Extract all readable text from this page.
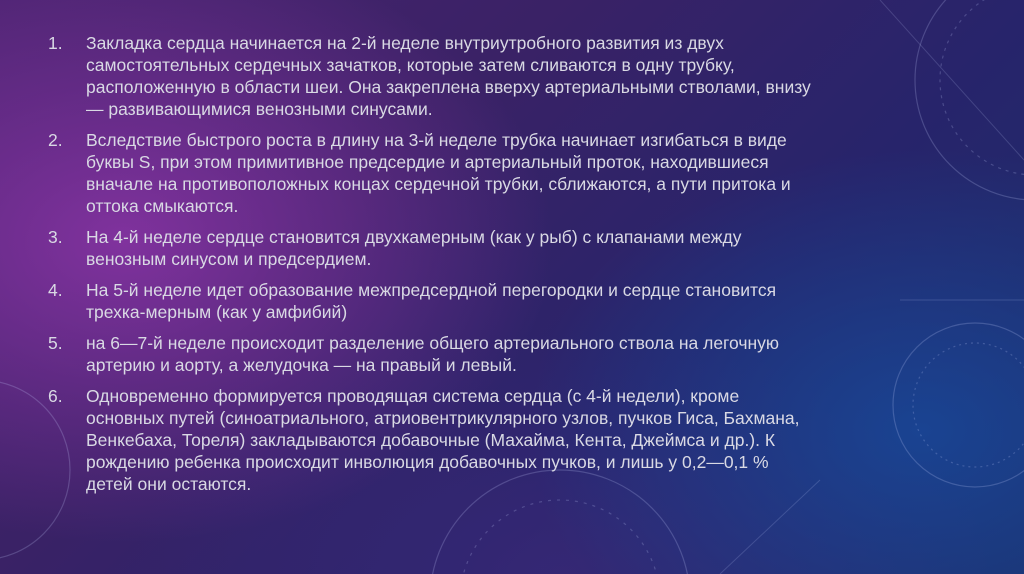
1.	Закладка сердца начинается на 2-й неделе внутриутробного развития из двух
самостоятельных сердечных зачатков, которые затем сливаются в одну трубку,
расположенную в области шеи. Она закреплена вверху артериальными стволами, внизу
— развивающимися венозными синусами.
2.	Вследствие быстрого роста в длину на 3-й неделе трубка начинает изгибаться в виде
буквы S, при этом примитивное предсердие и артериальный проток, находившиеся
вначале на противоположных концах сердечной трубки, сближаются, а пути притока и
оттока смыкаются.
3.	На 4-й неделе сердце становится двухкамерным (как у рыб) с клапанами между
венозным синусом и предсердием.
4.	На 5-й неделе идет образование межпредсердной перегородки и сердце становится
трехка-мерным (как у амфибий)
5.	на 6—7-й неделе происходит разделение общего артериального ствола на легочную
артерию и аорту, а желудочка — на правый и левый.
6.	Одновременно формируется проводящая система сердца (с 4-й недели), кроме
основных путей (синоатриального, атриовентрикулярного узлов, пучков Гиса, Бахмана,
Венкебаха, Тореля) закладываются добавочные (Махайма, Кента, Джеймса и др.). К
рождению ребенка происходит инволюция добавочных пучков, и лишь у 0,2—0,1 %
детей они остаются.
